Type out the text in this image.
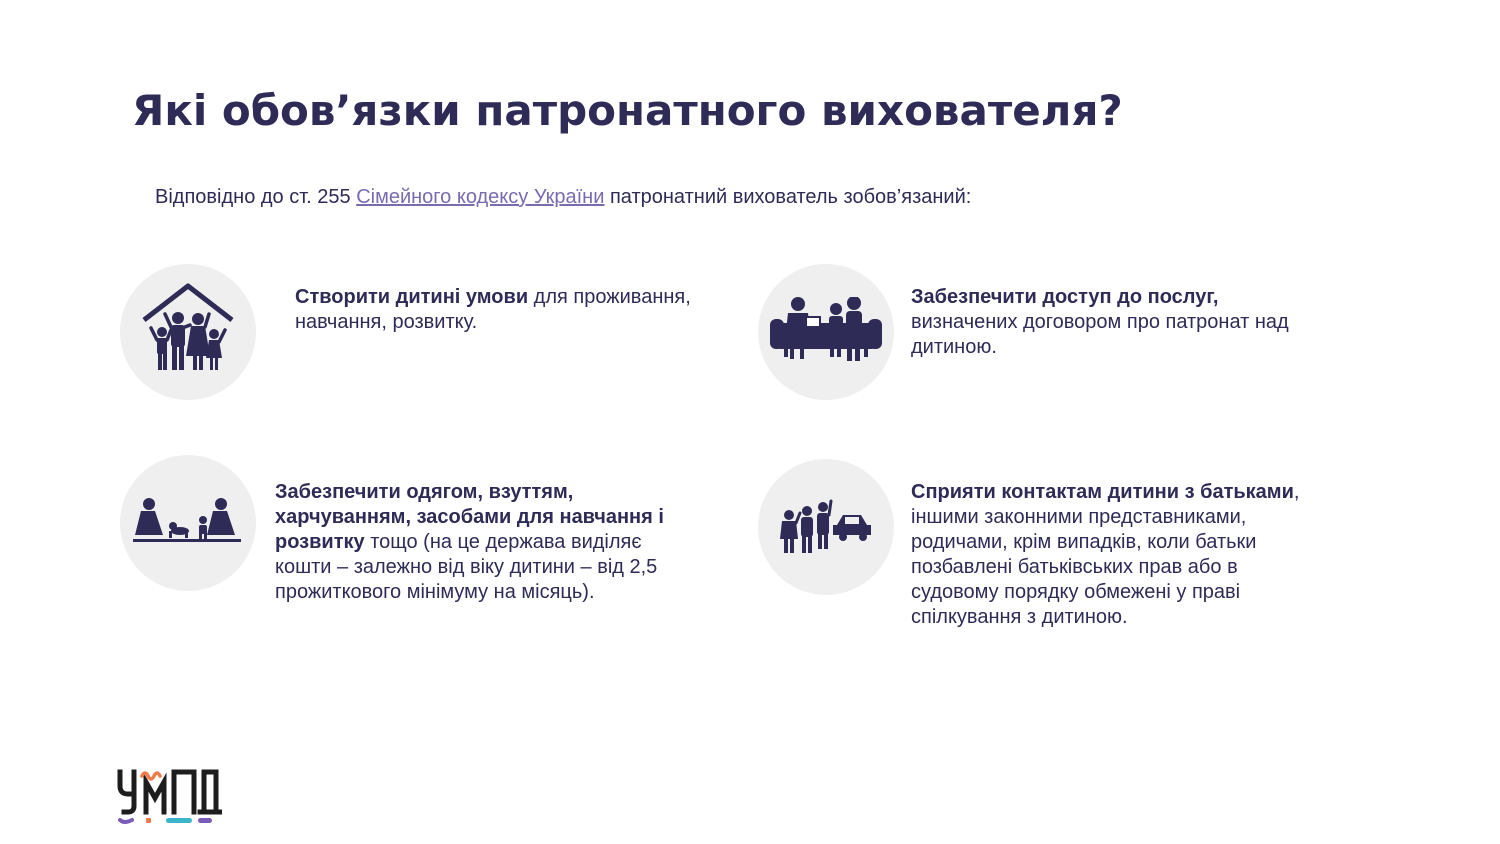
Які обов’язки патронатного вихователя?
Відповідно до ст. 255 Сімейного кодексу України патронатний вихователь зобов’язаний:
Створити дитині умови для проживання, навчання, розвитку.
Забезпечити доступ до послуг, визначених договором про патронат над дитиною.
Забезпечити одягом, взуттям, харчуванням, засобами для навчання і розвитку тощо (на це держава виділяє кошти – залежно від віку дитини – від 2,5 прожиткового мінімуму на місяць).
Сприяти контактам дитини з батьками, іншими законними представниками, родичами, крім випадків, коли батьки позбавлені батьківських прав або в судовому порядку обмежені у праві спілкування з дитиною.
